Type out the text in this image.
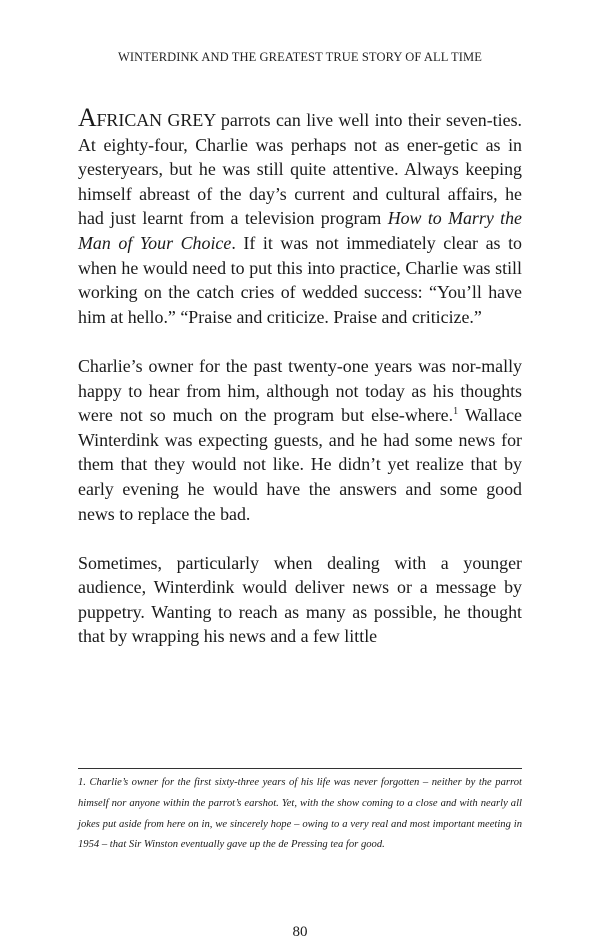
WINTERDINK AND THE GREATEST TRUE STORY OF ALL TIME

AFRICAN GREY parrots can live well into their seven-ties. At eighty-four, Charlie was perhaps not as ener-getic as in yesteryears, but he was still quite attentive. Always keeping himself abreast of the day’s current and cultural affairs, he had just learnt from a television program How to Marry the Man of Your Choice. If it was not immediately clear as to when he would need to put this into practice, Charlie was still working on the catch cries of wedded success: “You’ll have him at hello.” “Praise and criticize. Praise and criticize.”

Charlie’s owner for the past twenty-one years was nor-mally happy to hear from him, although not today as his thoughts were not so much on the program but else-where.$^1$ Wallace Winterdink was expecting guests, and he had some news for them that they would not like. He didn’t yet realize that by early evening he would have the answers and some good news to replace the bad.

Sometimes, particularly when dealing with a younger audience, Winterdink would deliver news or a message by puppetry. Wanting to reach as many as possible, he thought that by wrapping his news and a few little

1. Charlie’s owner for the first sixty-three years of his life was never forgotten – neither by the parrot himself nor anyone within the parrot’s earshot. Yet, with the show coming to a close and with nearly all jokes put aside from here on in, we sincerely hope – owing to a very real and most important meeting in 1954 – that Sir Winston eventually gave up the de Pressing tea for good.
80
